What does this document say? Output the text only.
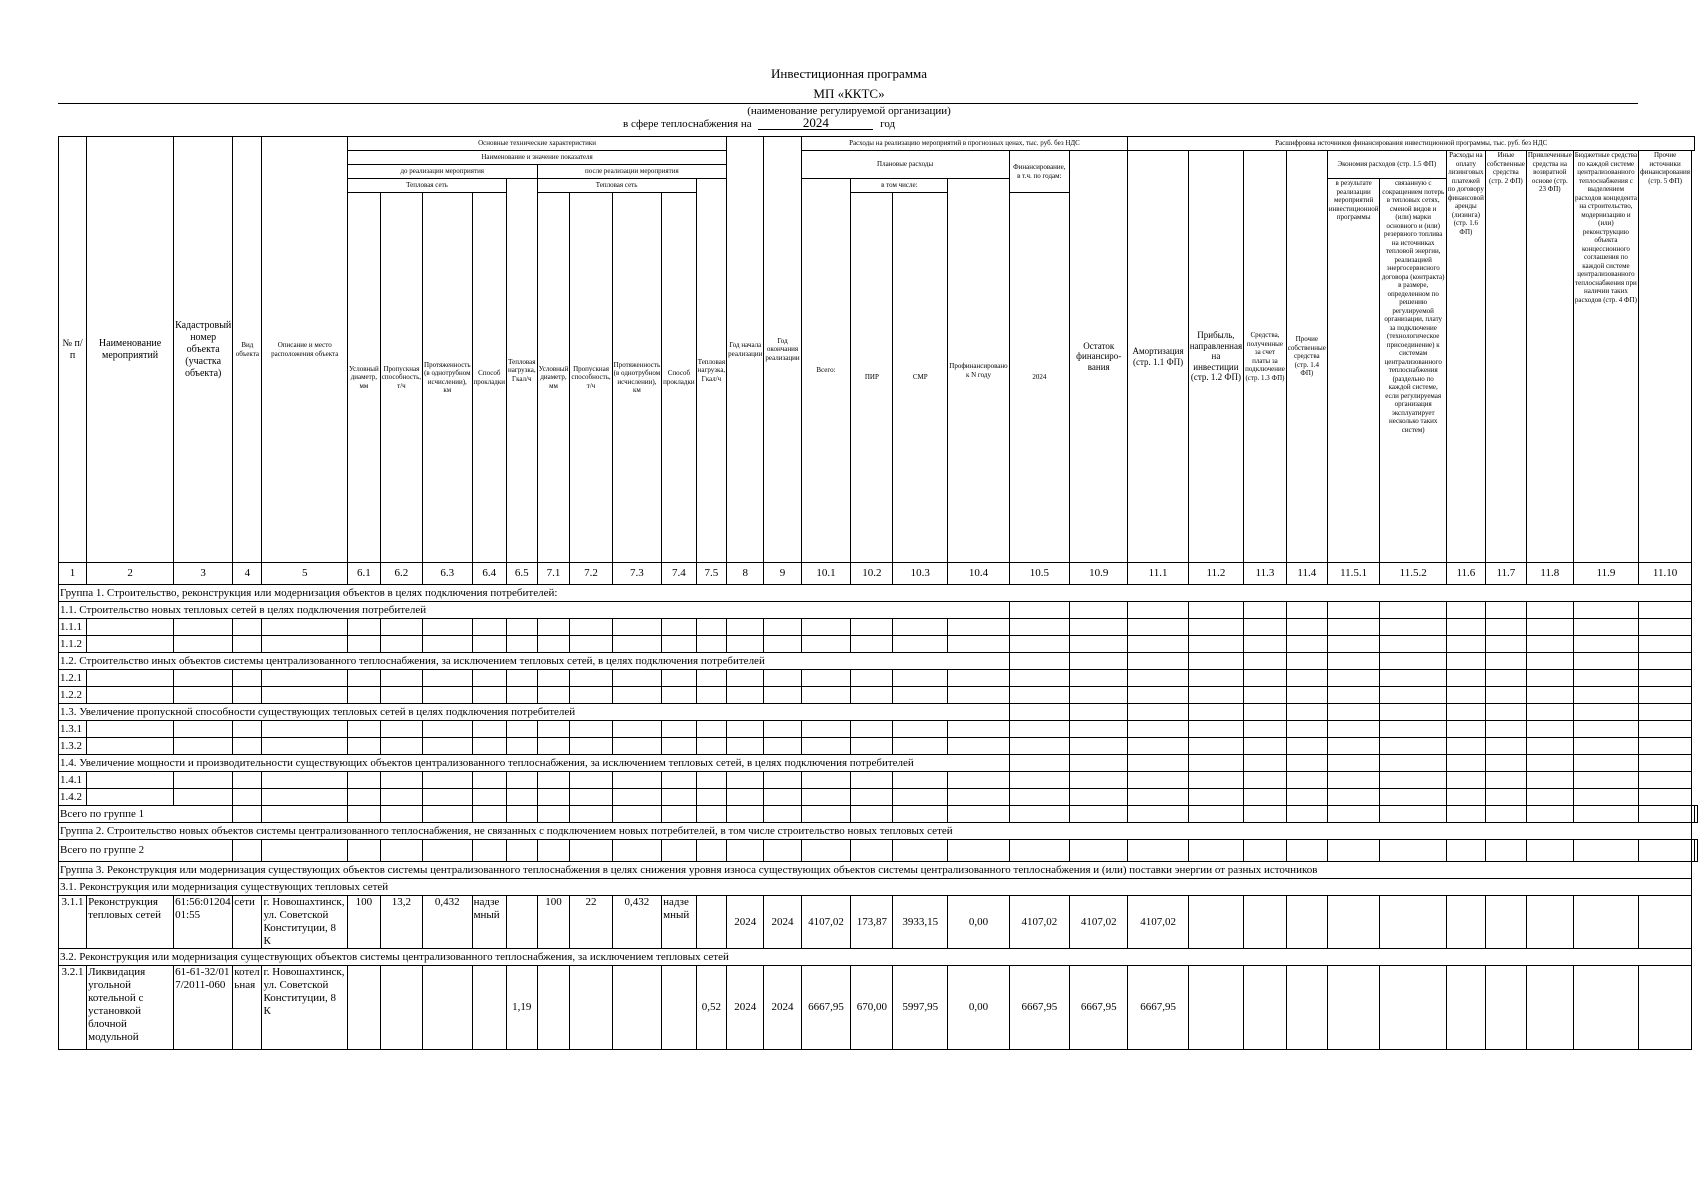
Инвестиционная программа
МП «ККТС»
(наименование регулируемой организации)
в сфере теплоснабжения на	2024	год
№ п/п	Наименование мероприятий	Кадастровый номер объекта (участка объекта)	Вид объекта	Описание и место расположения объекта	Основные технические характеристики										Год начала реализации	Год окончания реализации	Расходы на реализацию мероприятий в прогнозных ценах, тыс. руб. без НДС						Расшифровка источников финансирования инвестиционной программы, тыс. руб. без НДС												
					Наименование и значение показателя												Плановые расходы				Финансирование, в т.ч. по годам:	Остаток финансиро-вания	Амортизация (стр. 1.1 ФП)	Прибыль, направленная на инвестиции (стр. 1.2 ФП)	Средства, полученные за счет платы за подключение (стр. 1.3 ФП)	Прочие собственные средства (стр. 1.4 ФП)	Экономия расходов (стр. 1.5 ФП)		Расходы на оплату лизинговых платежей по договору финансовой аренды (лизинга) (стр. 1.6 ФП)	Иные собственные средства (стр. 2 ФП)	Привлеченные средства на возвратной основе (стр. 23 ФП)	Бюджетные средства по каждой системе централизованного теплоснабжения с выделением расходов концедента на строительство, модернизацию и (или) реконструкцию объекта концессионного соглашения по каждой системе централизованного теплоснабжения при наличии таких расходов (стр. 4 ФП)	Прочие источники финансирования (стр. 5 ФП)		
					до реализации мероприятия					после реализации мероприятия																									
					Тепловая сеть				Тепловая нагрузка, Гкал/ч	Тепловая сеть				Тепловая нагрузка, Гкал/ч			Всего:	в том числе:		Профинансировано к N году							в результате реализации мероприятий инвестиционной программы	связанную с сокращением потерь в тепловых сетях, сменой видов и (или) марки основного и (или) резервного топлива на источниках тепловой энергии, реализацией энергосервисного договора (контракта) в размере, определенном по решению регулируемой организации, плату за подключение (технологическое присоединение) к системам централизованного теплоснабжения (раздельно по каждой системе, если регулируемая организация эксплуатирует несколько таких систем)							
					Условный диаметр, мм	Пропускная способность, т/ч	Протяженность (в однотрубном исчислении), км	Способ прокладки		Условный диаметр, мм	Пропускная способность, т/ч	Протяженность (в однотрубном исчислении), км	Способ прокладки					ПИР	СМР		2024														

1	2	3	4	5	6.1	6.2	6.3	6.4	6.5	7.1	7.2	7.3	7.4	7.5	8	9	10.1	10.2	10.3	10.4	10.5	10.9	11.1	11.2	11.3	11.4	11.5.1	11.5.2	11.6	11.7	11.8	11.9	11.10		
Группа 1. Строительство, реконструкция или модернизация объектов в целях подключения потребителей:																																			
1.1. Строительство новых тепловых сетей в целях подключения потребителей																																			
1.1.1																																			
1.1.2																																			
1.2. Строительство иных объектов системы централизованного теплоснабжения, за исключением тепловых сетей, в целях подключения потребителей																																			
1.2.1																																			
1.2.2																																			
1.3. Увеличение пропускной способности существующих тепловых сетей в целях подключения потребителей																																			
1.3.1																																			
1.3.2																																			
1.4. Увеличение мощности и производительности существующих объектов централизованного теплоснабжения, за исключением тепловых сетей, в целях подключения потребителей																																			
1.4.1																																			
1.4.2																																			
Всего по группе 1																																			
Группа 2. Строительство новых объектов системы централизованного теплоснабжения, не связанных с подключением новых потребителей, в том числе строительство новых тепловых сетей																																			
Всего по группе 2																																			
Группа 3. Реконструкция или модернизация существующих объектов системы централизованного теплоснабжения в целях снижения уровня износа существующих объектов системы централизованного теплоснабжения и (или) поставки энергии от разных источников																																			
3.1. Реконструкция или модернизация существующих тепловых сетей																																			
3.1.1	Реконструкция тепловых сетей	61:56:0120401:55	сети	г. Новошахтинск, ул. Советской Конституции, 8 К	100	13,2	0,432	надземный		100	22	0,432	надземный		2024	2024	4107,02	173,87	3933,15	0,00	4107,02	4107,02	4107,02												
3.2. Реконструкция или модернизация существующих объектов системы централизованного теплоснабжения, за исключением тепловых сетей																																			
3.2.1	Ликвидация угольной котельной с установкой блочной модульной	61-61-32/017/2011-060	котельная	г. Новошахтинск, ул. Советской Конституции, 8 К					1,19					0,52	2024	2024	6667,95	670,00	5997,95	0,00	6667,95	6667,95	6667,95												
